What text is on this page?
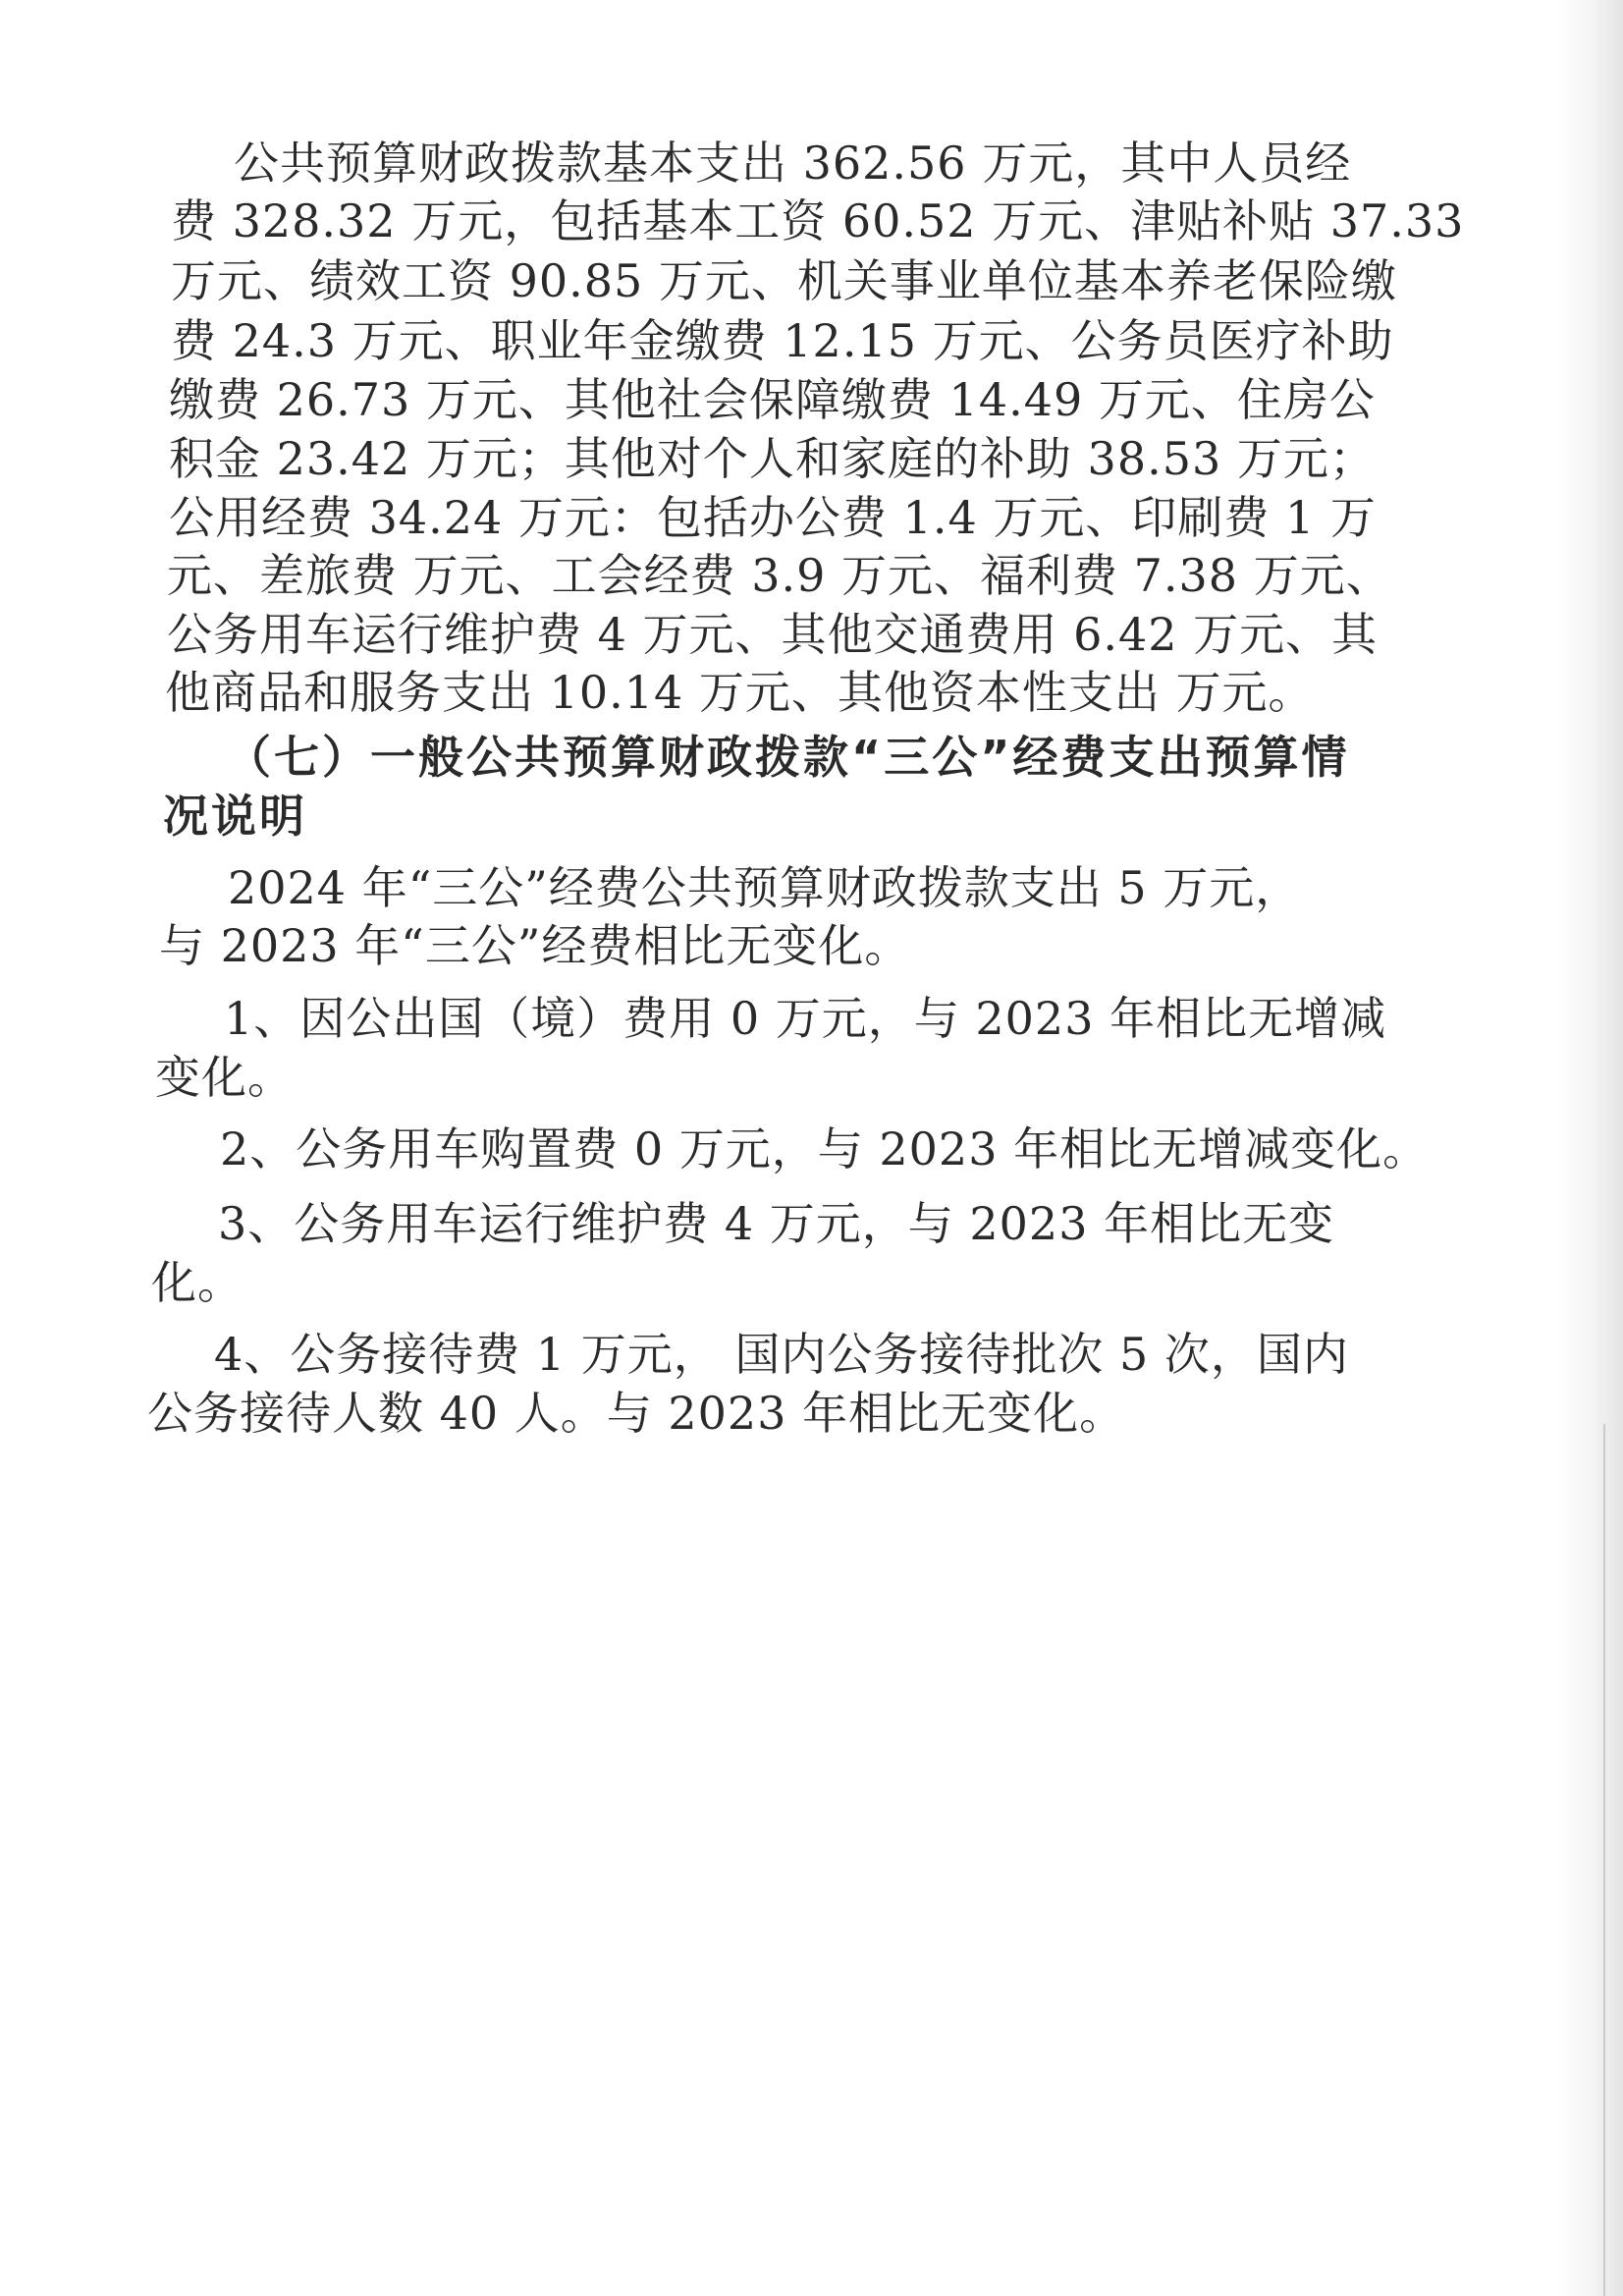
公共预算财政拨款基本支出 362.56 万元，其中人员经
费 328.32 万元，包括基本工资 60.52 万元、津贴补贴 37.33
万元、绩效工资 90.85 万元、机关事业单位基本养老保险缴
费 24.3 万元、职业年金缴费 12.15 万元、公务员医疗补助
缴费 26.73 万元、其他社会保障缴费 14.49 万元、住房公
积金 23.42 万元；其他对个人和家庭的补助 38.53 万元；
公用经费 34.24 万元：包括办公费 1.4 万元、印刷费 1 万
元、差旅费 万元、工会经费 3.9 万元、福利费 7.38 万元、
公务用车运行维护费 4 万元、其他交通费用 6.42 万元、其
他商品和服务支出 10.14 万元、其他资本性支出 万元。
（七）一般公共预算财政拨款“三公”经费支出预算情
况说明
2024 年“三公”经费公共预算财政拨款支出 5 万元，
与 2023 年“三公”经费相比无变化。
1、因公出国（境）费用 0 万元，与 2023 年相比无增减
变化。
2、公务用车购置费 0 万元，与 2023 年相比无增减变化。
3、公务用车运行维护费 4 万元，与 2023 年相比无变
化。
4、公务接待费 1 万元， 国内公务接待批次 5 次，国内
公务接待人数 40 人。与 2023 年相比无变化。
